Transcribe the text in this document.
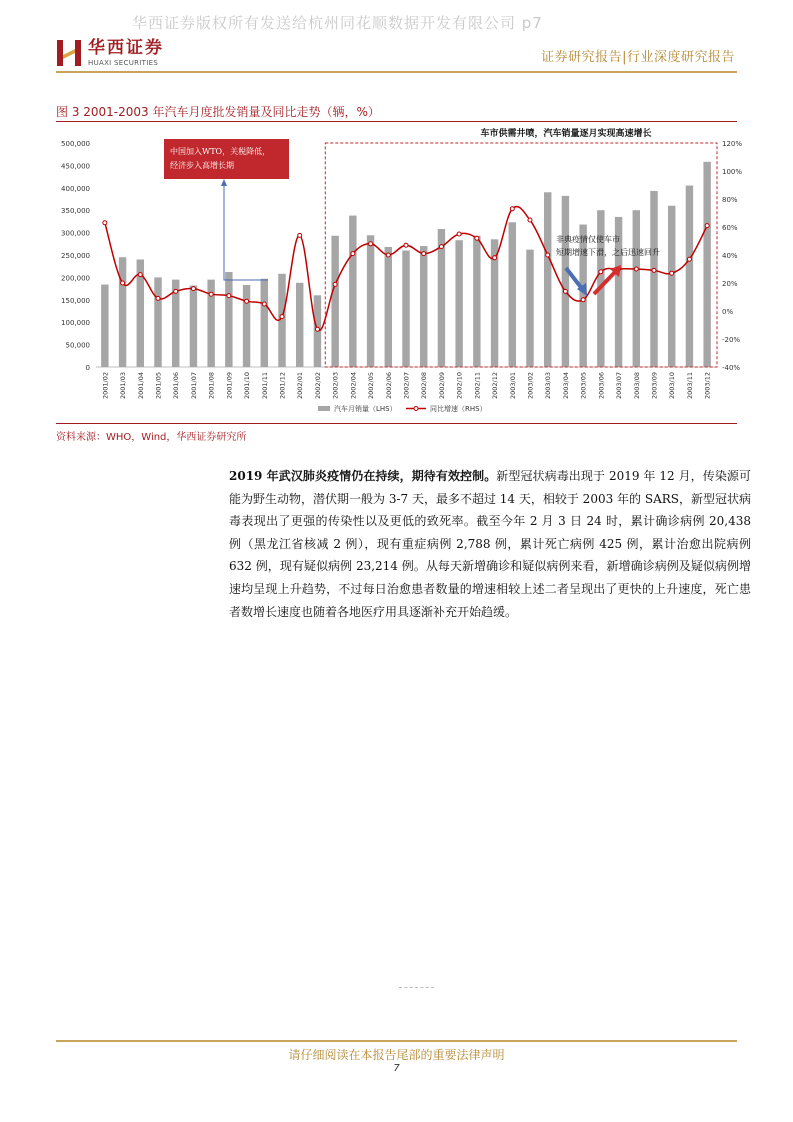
华西证券版权所有发送给杭州同花顺数据开发有限公司 p7
华西证券
HUAXI SECURITIES	证券研究报告|行业深度研究报告
图 3 2001-2003 年汽车月度批发销量及同比走势（辆，%）
0
50,000
100,000
150,000
200,000
250,000
300,000
350,000
400,000
450,000
500,000
-40%
-20%
0%
20%
40%
60%
80%
100%
120%
2001/02 2001/03 2001/04 2001/05 2001/06 2001/07 2001/08 2001/09 2001/10 2001/11 2001/12 2002/01 2002/02 2002/03 2002/04 2002/05 2002/06 2002/07 2002/08 2002/09 2002/10 2002/11 2002/12 2003/01 2003/02 2003/03 2003/04 2003/05 2003/06 2003/07 2003/08 2003/09 2003/10 2003/11 2003/12
中国加入WTO，关税降低，
经济步入高增长期
车市供需井喷，汽车销量逐月实现高速增长
非典疫情仅使车市
短期增速下滑，之后迅速回升
汽车月销量（LHS）	同比增速（RHS）
资料来源：WHO，Wind，华西证券研究所
2019 年武汉肺炎疫情仍在持续，期待有效控制。新型冠状病毒出现于 2019 年 12 月，传染源可能为野生动物，潜伏期一般为 3-7 天，最多不超过 14 天，相较于 2003 年的 SARS，新型冠状病毒表现出了更强的传染性以及更低的致死率。截至今年 2 月 3 日 24 时，累计确诊病例 20,438 例（黑龙江省核减 2 例），现有重症病例 2,788 例，累计死亡病例 425 例，累计治愈出院病例 632 例，现有疑似病例 23,214 例。从每天新增确诊和疑似病例来看，新增确诊病例及疑似病例增速均呈现上升趋势，不过每日治愈患者数量的增速相较上述二者呈现出了更快的上升速度，死亡患者数增长速度也随着各地医疗用具逐渐补充开始趋缓。
请仔细阅读在本报告尾部的重要法律声明
7
